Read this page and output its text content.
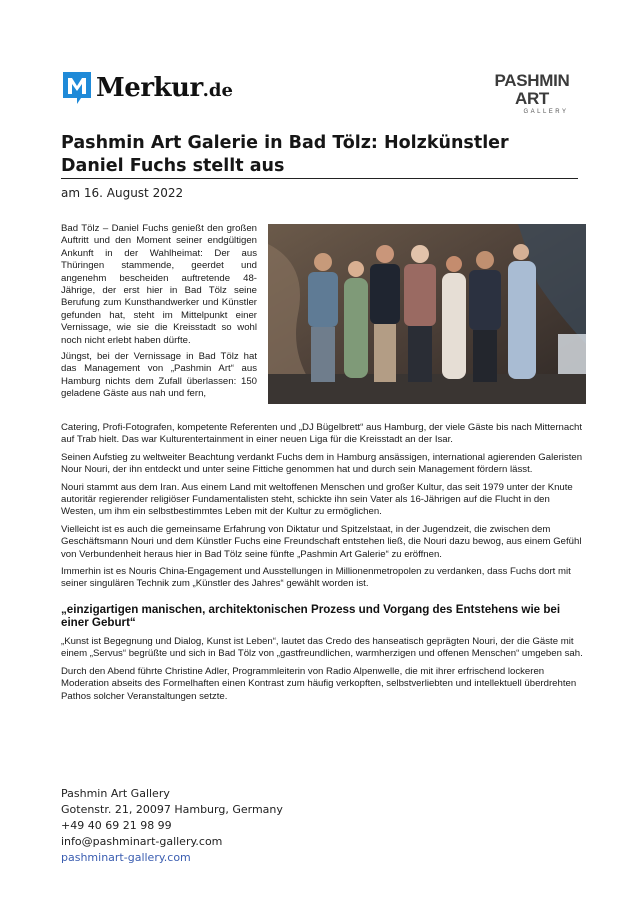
Merkur.de	PASHMIN ART
GALLERY
Pashmin Art Galerie in Bad Tölz: Holzkünstler
Daniel Fuchs stellt aus
am 16. August 2022

Bad Tölz – Daniel Fuchs genießt den großen Auftritt und den Moment seiner endgültigen Ankunft in der Wahlheimat: Der aus Thüringen stammende, geerdet und angenehm bescheiden auftretende 48-Jährige, der erst hier in Bad Tölz seine Berufung zum Kunsthandwerker und Künstler gefunden hat, steht im Mittelpunkt einer Vernissage, wie sie die Kreisstadt so wohl noch nicht erlebt haben dürfte.

Jüngst, bei der Vernissage in Bad Tölz hat das Management von „Pashmin Art“ aus Hamburg nichts dem Zufall überlassen: 150 geladene Gäste aus nah und fern,

Catering, Profi-Fotografen, kompetente Referenten und „DJ Bügelbrett“ aus Hamburg, der viele Gäste bis nach Mitternacht auf Trab hielt. Das war Kulturentertainment in einer neuen Liga für die Kreisstadt an der Isar.

Seinen Aufstieg zu weltweiter Beachtung verdankt Fuchs dem in Hamburg ansässigen, international agierenden Galeristen Nour Nouri, der ihn entdeckt und unter seine Fittiche genommen hat und durch sein Management fördern lässt.

Nouri stammt aus dem Iran. Aus einem Land mit weltoffenen Menschen und großer Kultur, das seit 1979 unter der Knute autoritär regierender religiöser Fundamentalisten steht, schickte ihn sein Vater als 16-Jährigen auf die Flucht in den Westen, um ihm ein selbstbestimmtes Leben mit der Kultur zu ermöglichen.

Vielleicht ist es auch die gemeinsame Erfahrung von Diktatur und Spitzelstaat, in der Jugendzeit, die zwischen dem Geschäftsmann Nouri und dem Künstler Fuchs eine Freundschaft entstehen ließ, die Nouri dazu bewog, aus einem Gefühl von Verbundenheit heraus hier in Bad Tölz seine fünfte „Pashmin Art Galerie“ zu eröffnen.

Immerhin ist es Nouris China-Engagement und Ausstellungen in Millionenmetropolen zu verdanken, dass Fuchs dort mit seiner singulären Technik zum „Künstler des Jahres“ gewählt worden ist.

„einzigartigen manischen, architektonischen Prozess und Vorgang des Entstehens wie bei einer Geburt“

„Kunst ist Begegnung und Dialog, Kunst ist Leben“, lautet das Credo des hanseatisch geprägten Nouri, der die Gäste mit einem „Servus“ begrüßte und sich in Bad Tölz von „gastfreundlichen, warmherzigen und offenen Menschen“ umgeben sah.

Durch den Abend führte Christine Adler, Programmleiterin von Radio Alpenwelle, die mit ihrer erfrischend lockeren Moderation abseits des Formelhaften einen Kontrast zum häufig verkopften, selbstverliebten und intellektuell überdrehten Pathos solcher Veranstaltungen setzte.

Pashmin Art Gallery
Gotenstr. 21, 20097 Hamburg, Germany
+49 40 69 21 98 99
info@pashminart-gallery.com
pashminart-gallery.com
